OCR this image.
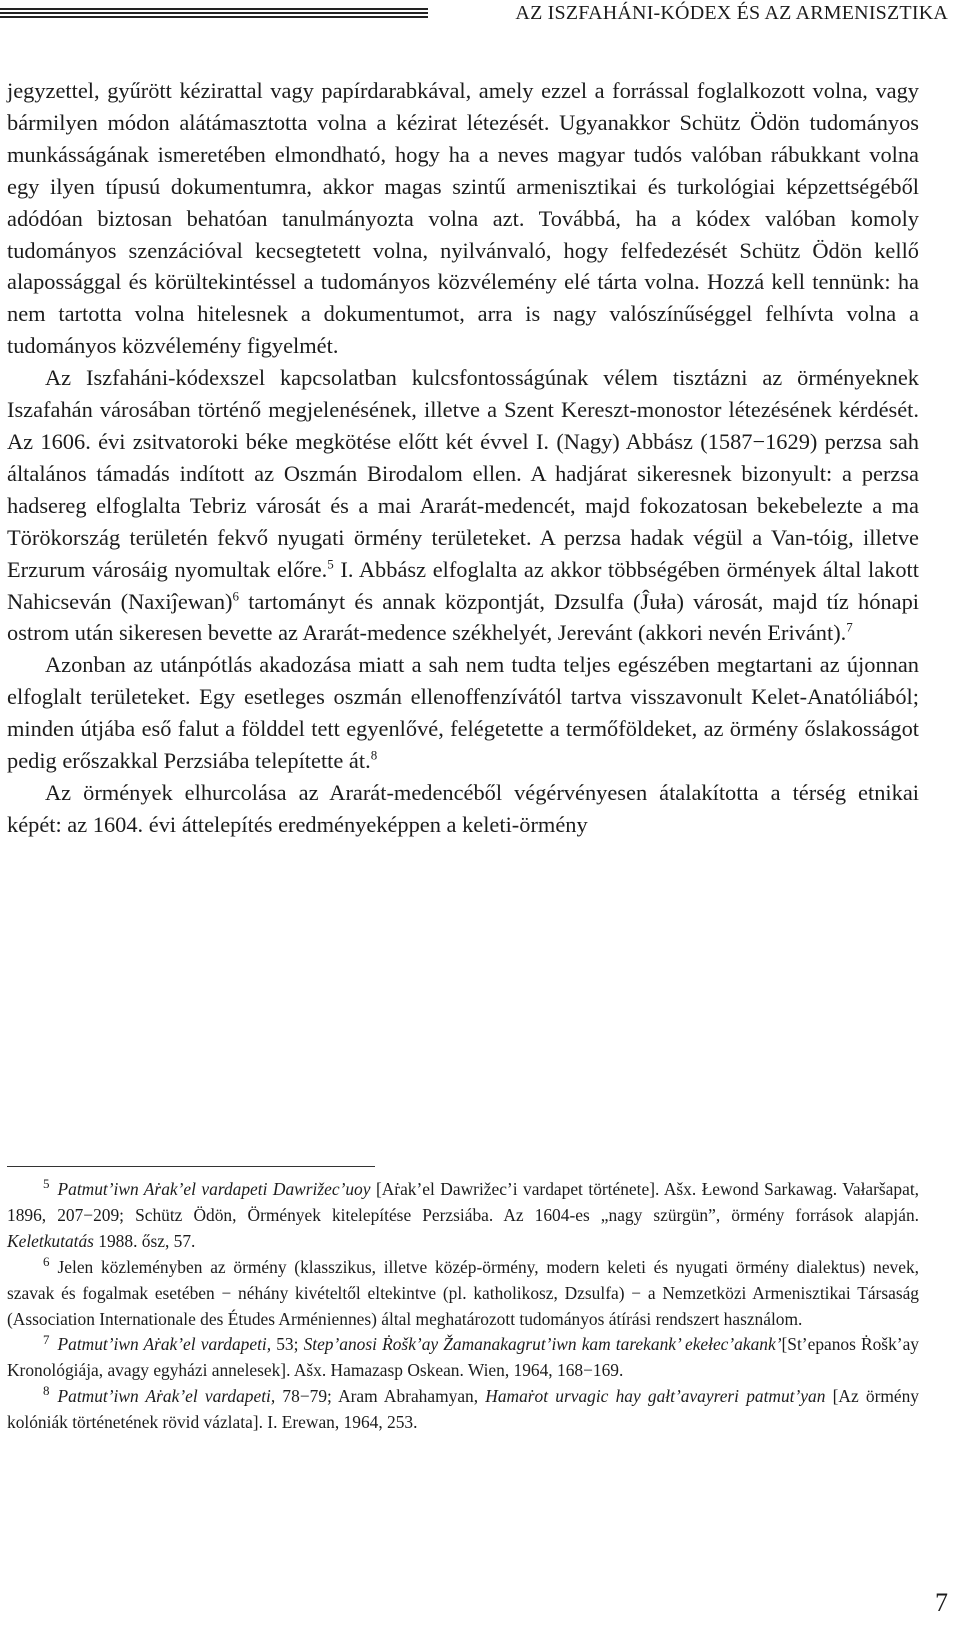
AZ ISZFAHÁNI-KÓDEX ÉS AZ ARMENISZTIKA

jegyzettel, gyűrött kézirattal vagy papírdarabkával, amely ezzel a forrással foglalkozott volna, vagy bármilyen módon alátámasztotta volna a kézirat létezését. Ugyanakkor Schütz Ödön tudományos munkásságának ismeretében elmondható, hogy ha a neves magyar tudós valóban rábukkant volna egy ilyen típusú dokumentumra, akkor magas szintű armenisztikai és turkológiai képzettségéből adódóan biztosan behatóan tanulmányozta volna azt. Továbbá, ha a kódex valóban komoly tudományos szenzációval kecsegtetett volna, nyilvánvaló, hogy felfedezését Schütz Ödön kellő alapossággal és körültekintéssel a tudományos közvélemény elé tárta volna. Hozzá kell tennünk: ha nem tartotta volna hitelesnek a dokumentumot, arra is nagy valószínűséggel felhívta volna a tudományos közvélemény figyelmét.

Az Iszfaháni-kódexszel kapcsolatban kulcsfontosságúnak vélem tisztázni az örményeknek Iszafahán városában történő megjelenésének, illetve a Szent Kereszt-monostor létezésének kérdését. Az 1606. évi zsitvatoroki béke megkötése előtt két évvel I. (Nagy) Abbász (1587−1629) perzsa sah általános támadás indított az Oszmán Birodalom ellen. A hadjárat sikeresnek bizonyult: a perzsa hadsereg elfoglalta Tebriz városát és a mai Ararát-medencét, majd fokozatosan bekebelezte a ma Törökország területén fekvő nyugati örmény területeket. A perzsa hadak végül a Van-tóig, illetve Erzurum városáig nyomultak előre.$^5$ I. Abbász elfoglalta az akkor többségében örmények által lakott Nahicseván (Naxiĵewan)$^6$ tartományt és annak központját, Dzsulfa (Ĵuła) városát, majd tíz hónapi ostrom után sikeresen bevette az Ararát-medence székhelyét, Jerevánt (akkori nevén Erivánt).$^7$

Azonban az utánpótlás akadozása miatt a sah nem tudta teljes egészében megtartani az újonnan elfoglalt területeket. Egy esetleges oszmán ellenoffenzívától tartva visszavonult Kelet-Anatóliából; minden útjába eső falut a földdel tett egyenlővé, felégetette a termőföldeket, az örmény őslakosságot pedig erőszakkal Perzsiába telepítette át.$^8$

Az örmények elhurcolása az Ararát-medencéből végérvényesen átalakította a térség etnikai képét: az 1604. évi áttelepítés eredményeképpen a keleti-örmény

$^5$ Patmut’iwn Aṙak’el vardapeti Dawrižec’uoy [Aṙak’el Dawrižec’i vardapet története]. Ašx. Łewond Sarkawag. Vałaršapat, 1896, 207−209; Schütz Ödön, Örmények kitelepítése Perzsiába. Az 1604-es „nagy szürgün”, örmény források alapján. Keletkutatás 1988. ősz, 57.

$^6$ Jelen közleményben az örmény (klasszikus, illetve közép-örmény, modern keleti és nyugati örmény dialektus) nevek, szavak és fogalmak esetében − néhány kivételtől eltekintve (pl. katholikosz, Dzsulfa) − a Nemzetközi Armenisztikai Társaság (Association Internationale des Études Arméniennes) által meghatározott tudományos átírási rendszert használom.

$^7$ Patmut’iwn Aṙak’el vardapeti, 53; Step’anosi Ṙošk’ay Žamanakagrut’iwn kam tarekank’ ekełec’akank’[St’epanos Ṙošk’ay Kronológiája, avagy egyházi annelesek]. Ašx. Hamazasp Oskean. Wien, 1964, 168−169.

$^8$ Patmut’iwn Aṙak’el vardapeti, 78−79; Aram Abrahamyan, Hamaṙot urvagic hay gałt’avayreri patmut’yan [Az örmény kolóniák történetének rövid vázlata]. I. Erewan, 1964, 253.

7
